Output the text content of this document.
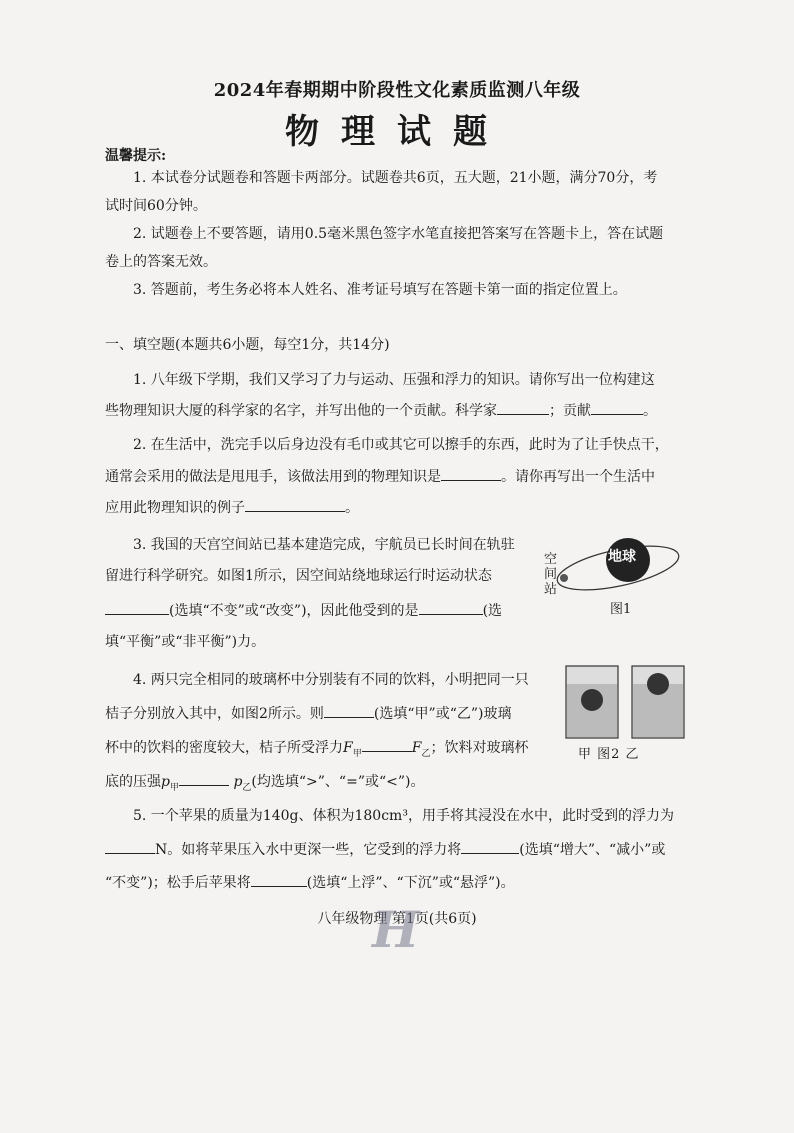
2024年春期期中阶段性文化素质监测八年级
物理试题
温馨提示:
1. 本试卷分试题卷和答题卡两部分。试题卷共6页，五大题，21小题，满分70分，考
试时间60分钟。
2. 试题卷上不要答题，请用0.5毫米黑色签字水笔直接把答案写在答题卡上，答在试题
卷上的答案无效。
3. 答题前，考生务必将本人姓名、准考证号填写在答题卡第一面的指定位置上。
一、填空题(本题共6小题，每空1分，共14分)
1. 八年级下学期，我们又学习了力与运动、压强和浮力的知识。请你写出一位构建这
些物理知识大厦的科学家的名字，并写出他的一个贡献。科学家	；贡献	。
2. 在生活中，洗完手以后身边没有毛巾或其它可以擦手的东西，此时为了让手快点干，
通常会采用的做法是甩甩手，该做法用到的物理知识是	。请你再写出一个生活中
应用此物理知识的例子	。
3. 我国的天宫空间站已基本建造完成，宇航员已长时间在轨驻
留进行科学研究。如图1所示，因空间站绕地球运行时运动状态
(选填“不变”或“改变”)，因此他受到的是	(选
填“平衡”或“非平衡”)力。
地球
空间站
图1
4. 两只完全相同的玻璃杯中分别装有不同的饮料，小明把同一只
桔子分别放入其中，如图2所示。则	(选填“甲”或“乙”)玻璃
杯中的饮料的密度较大，桔子所受浮力$F_甲$	$F_乙$；饮料对玻璃杯
底的压强$p_甲$	$p_乙$(均选填“>”、“=”或“<”)。
甲 图2 乙
5. 一个苹果的质量为140g、体积为180cm³，用手将其浸没在水中，此时受到的浮力为
N。如将苹果压入水中更深一些，它受到的浮力将	(选填“增大”、“减小”或
“不变”)；松手后苹果将	(选填“上浮”、“下沉”或“悬浮”)。
八年级物理 第1页(共6页)
H
